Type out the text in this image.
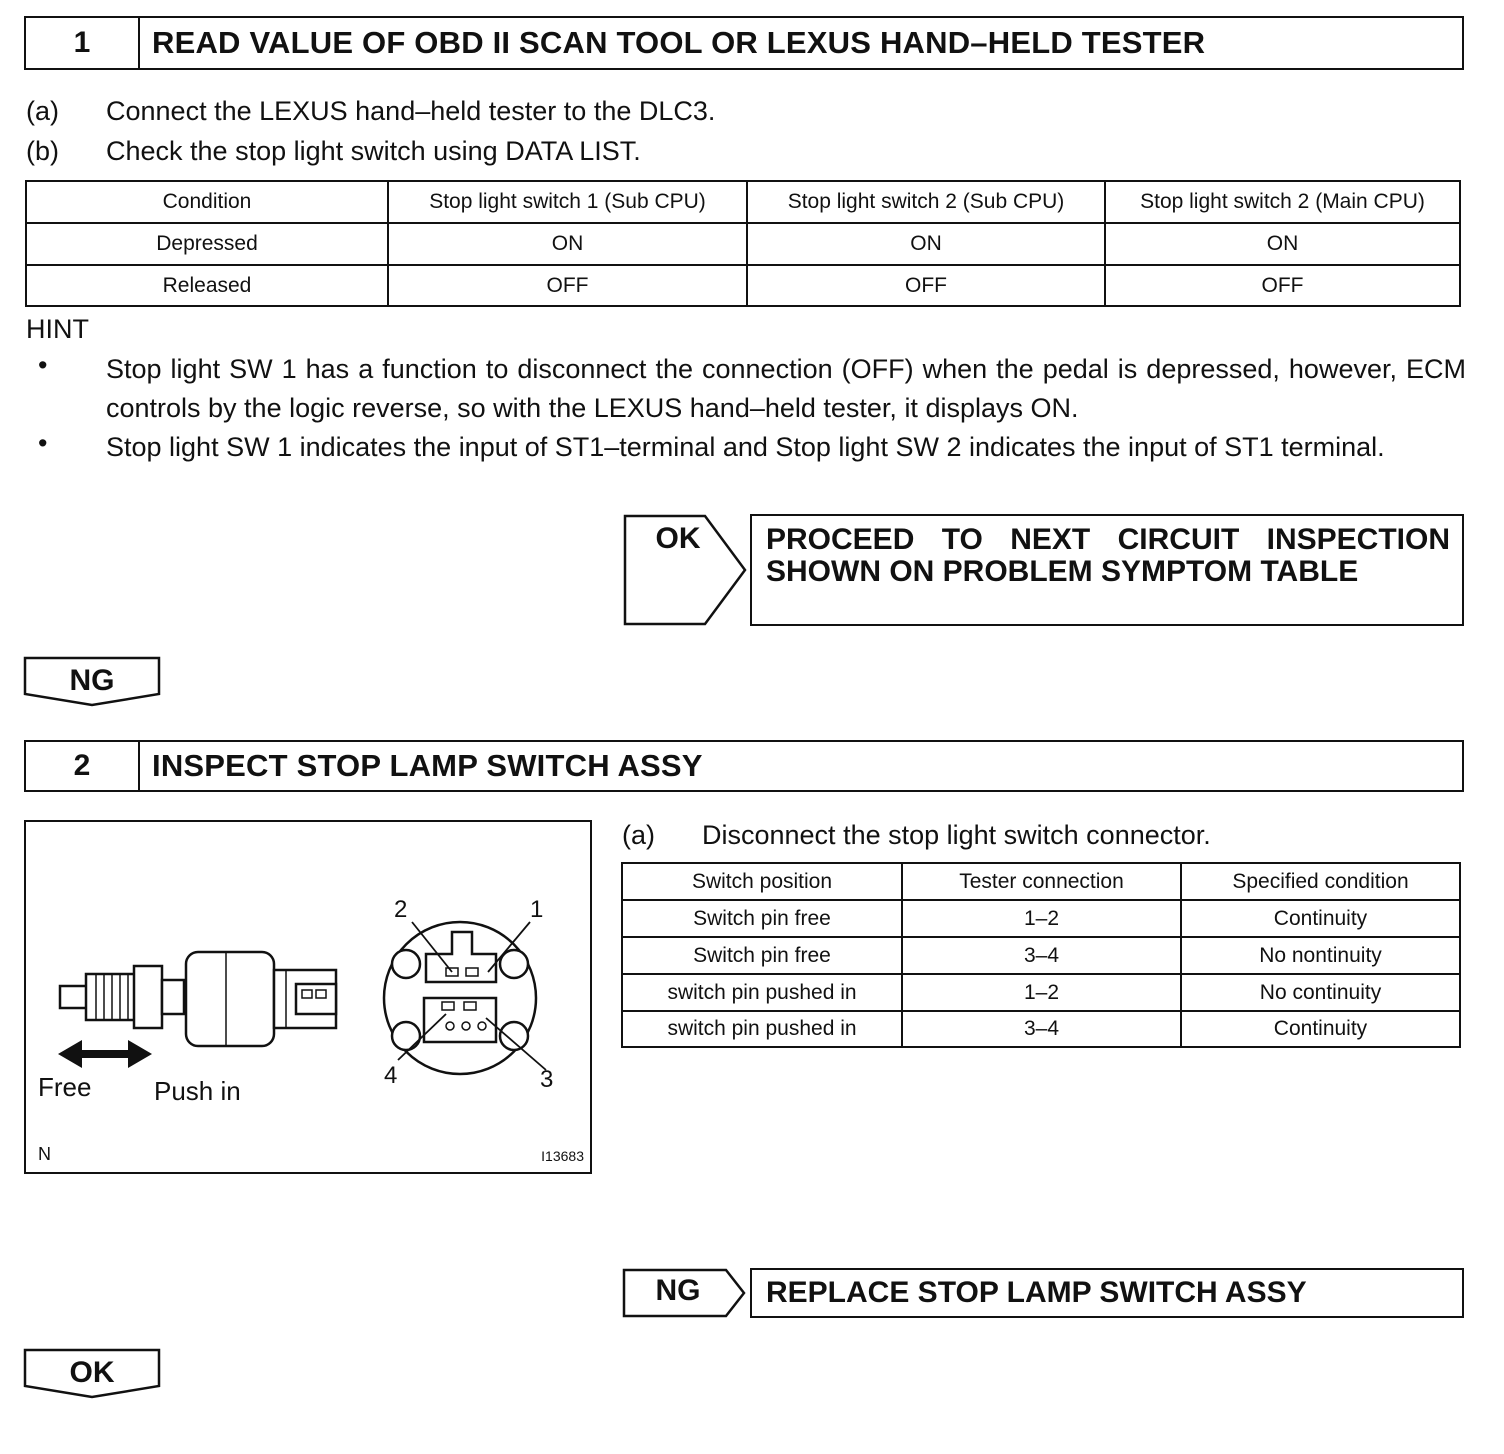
1	READ VALUE OF OBD II SCAN TOOL OR LEXUS HAND–HELD TESTER
(a) Connect the LEXUS hand–held tester to the DLC3.
(b) Check the stop light switch using DATA LIST.
Condition	Stop light switch 1 (Sub CPU)	Stop light switch 2 (Sub CPU)	Stop light switch 2 (Main CPU)
Depressed	ON	ON	ON
Released	OFF	OFF	OFF
HINT
• Stop light SW 1 has a function to disconnect the connection (OFF) when the pedal is depressed, however, ECM controls by the logic reverse, so with the LEXUS hand–held tester, it displays ON.
• Stop light SW 1 indicates the input of ST1–terminal and Stop light SW 2 indicates the input of ST1 terminal.
OK	PROCEED TO NEXT CIRCUIT INSPECTION
SHOWN ON PROBLEM SYMPTOM TABLE
NG
2	INSPECT STOP LAMP SWITCH ASSY
2	1
4	3
Free Push in
N	I13683
(a) Disconnect the stop light switch connector.
Switch position	Tester connection	Specified condition
Switch pin free	1–2	Continuity
Switch pin free	3–4	No nontinuity
switch pin pushed in	1–2	No continuity
switch pin pushed in	3–4	Continuity
NG	REPLACE STOP LAMP SWITCH ASSY
OK
